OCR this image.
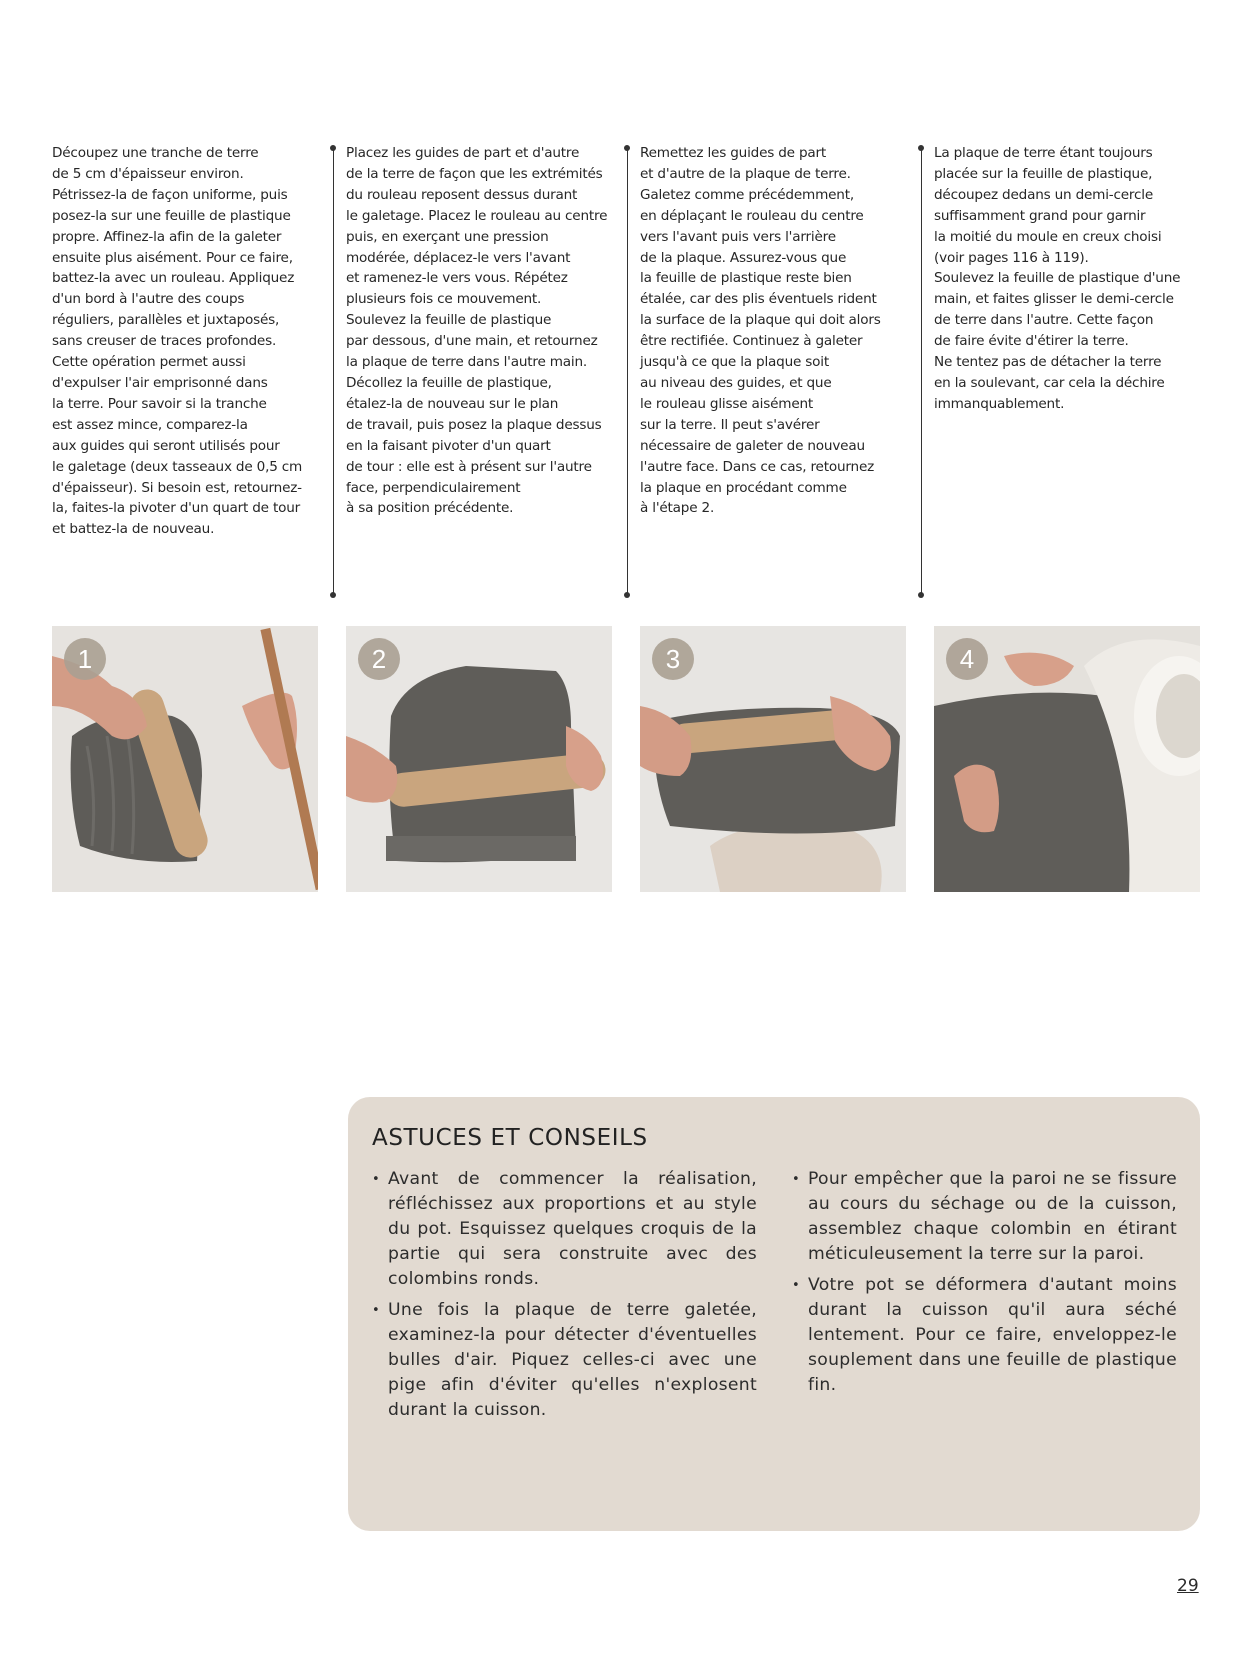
Découpez une tranche de terre
de 5 cm d'épaisseur environ.
Pétrissez-la de façon uniforme, puis
posez-la sur une feuille de plastique
propre. Affinez-la afin de la galeter
ensuite plus aisément. Pour ce faire,
battez-la avec un rouleau. Appliquez
d'un bord à l'autre des coups
réguliers, parallèles et juxtaposés,
sans creuser de traces profondes.
Cette opération permet aussi
d'expulser l'air emprisonné dans
la terre. Pour savoir si la tranche
est assez mince, comparez-la
aux guides qui seront utilisés pour
le galetage (deux tasseaux de 0,5 cm
d'épaisseur). Si besoin est, retournez-
la, faites-la pivoter d'un quart de tour
et battez-la de nouveau.
Placez les guides de part et d'autre
de la terre de façon que les extrémités
du rouleau reposent dessus durant
le galetage. Placez le rouleau au centre
puis, en exerçant une pression
modérée, déplacez-le vers l'avant
et ramenez-le vers vous. Répétez
plusieurs fois ce mouvement.
Soulevez la feuille de plastique
par dessous, d'une main, et retournez
la plaque de terre dans l'autre main.
Décollez la feuille de plastique,
étalez-la de nouveau sur le plan
de travail, puis posez la plaque dessus
en la faisant pivoter d'un quart
de tour : elle est à présent sur l'autre
face, perpendiculairement
à sa position précédente.
Remettez les guides de part
et d'autre de la plaque de terre.
Galetez comme précédemment,
en déplaçant le rouleau du centre
vers l'avant puis vers l'arrière
de la plaque. Assurez-vous que
la feuille de plastique reste bien
étalée, car des plis éventuels rident
la surface de la plaque qui doit alors
être rectifiée. Continuez à galeter
jusqu'à ce que la plaque soit
au niveau des guides, et que
le rouleau glisse aisément
sur la terre. Il peut s'avérer
nécessaire de galeter de nouveau
l'autre face. Dans ce cas, retournez
la plaque en procédant comme
à l'étape 2.
La plaque de terre étant toujours
placée sur la feuille de plastique,
découpez dedans un demi-cercle
suffisamment grand pour garnir
la moitié du moule en creux choisi
(voir pages 116 à 119).
Soulevez la feuille de plastique d'une
main, et faites glisser le demi-cercle
de terre dans l'autre. Cette façon
de faire évite d'étirer la terre.
Ne tentez pas de détacher la terre
en la soulevant, car cela la déchire
immanquablement.
1	2	3	4
ASTUCES ET CONSEILS
• Avant de commencer la réalisation, réfléchissez aux proportions et au style du pot. Esquissez quelques croquis de la partie qui sera construite avec des colombins ronds.
• Une fois la plaque de terre galetée, examinez-la pour détecter d'éventuelles bulles d'air. Piquez celles-ci avec une pige afin d'éviter qu'elles n'explosent durant la cuisson.
• Pour empêcher que la paroi ne se fissure au cours du séchage ou de la cuisson, assemblez chaque colombin en étirant méticuleusement la terre sur la paroi.
• Votre pot se déformera d'autant moins durant la cuisson qu'il aura séché lentement. Pour ce faire, enveloppez-le souplement dans une feuille de plastique fin.
29
